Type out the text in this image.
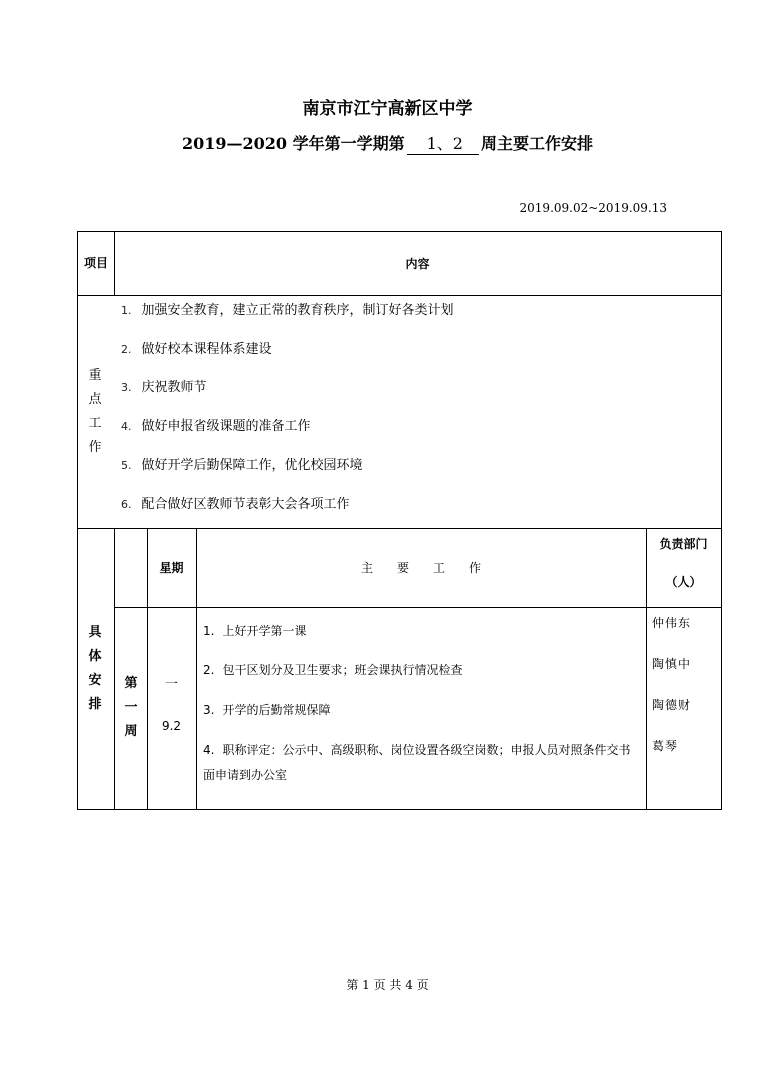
南京市江宁高新区中学
2019—2020 学年第一学期第 1、2 周主要工作安排
2019.09.02~2019.09.13
项目	内容
重
点
工
作
1. 加强安全教育，建立正常的教育秩序，制订好各类计划
2. 做好校本课程体系建设
3. 庆祝教师节
4. 做好申报省级课题的准备工作
5. 做好开学后勤保障工作，优化校园环境
6. 配合做好区教师节表彰大会各项工作
具
体
安
排
星期	主　　要　　工　　作
负责部门
（人）
第
一
周
一
9.2
1. 上好开学第一课
2. 包干区划分及卫生要求；班会课执行情况检查
3. 开学的后勤常规保障
4. 职称评定：公示中、高级职称、岗位设置各级空岗数；申报人员对照条件交书面申请到办公室
仲伟东
陶慎中
陶德财
葛琴
第 1 页 共 4 页
